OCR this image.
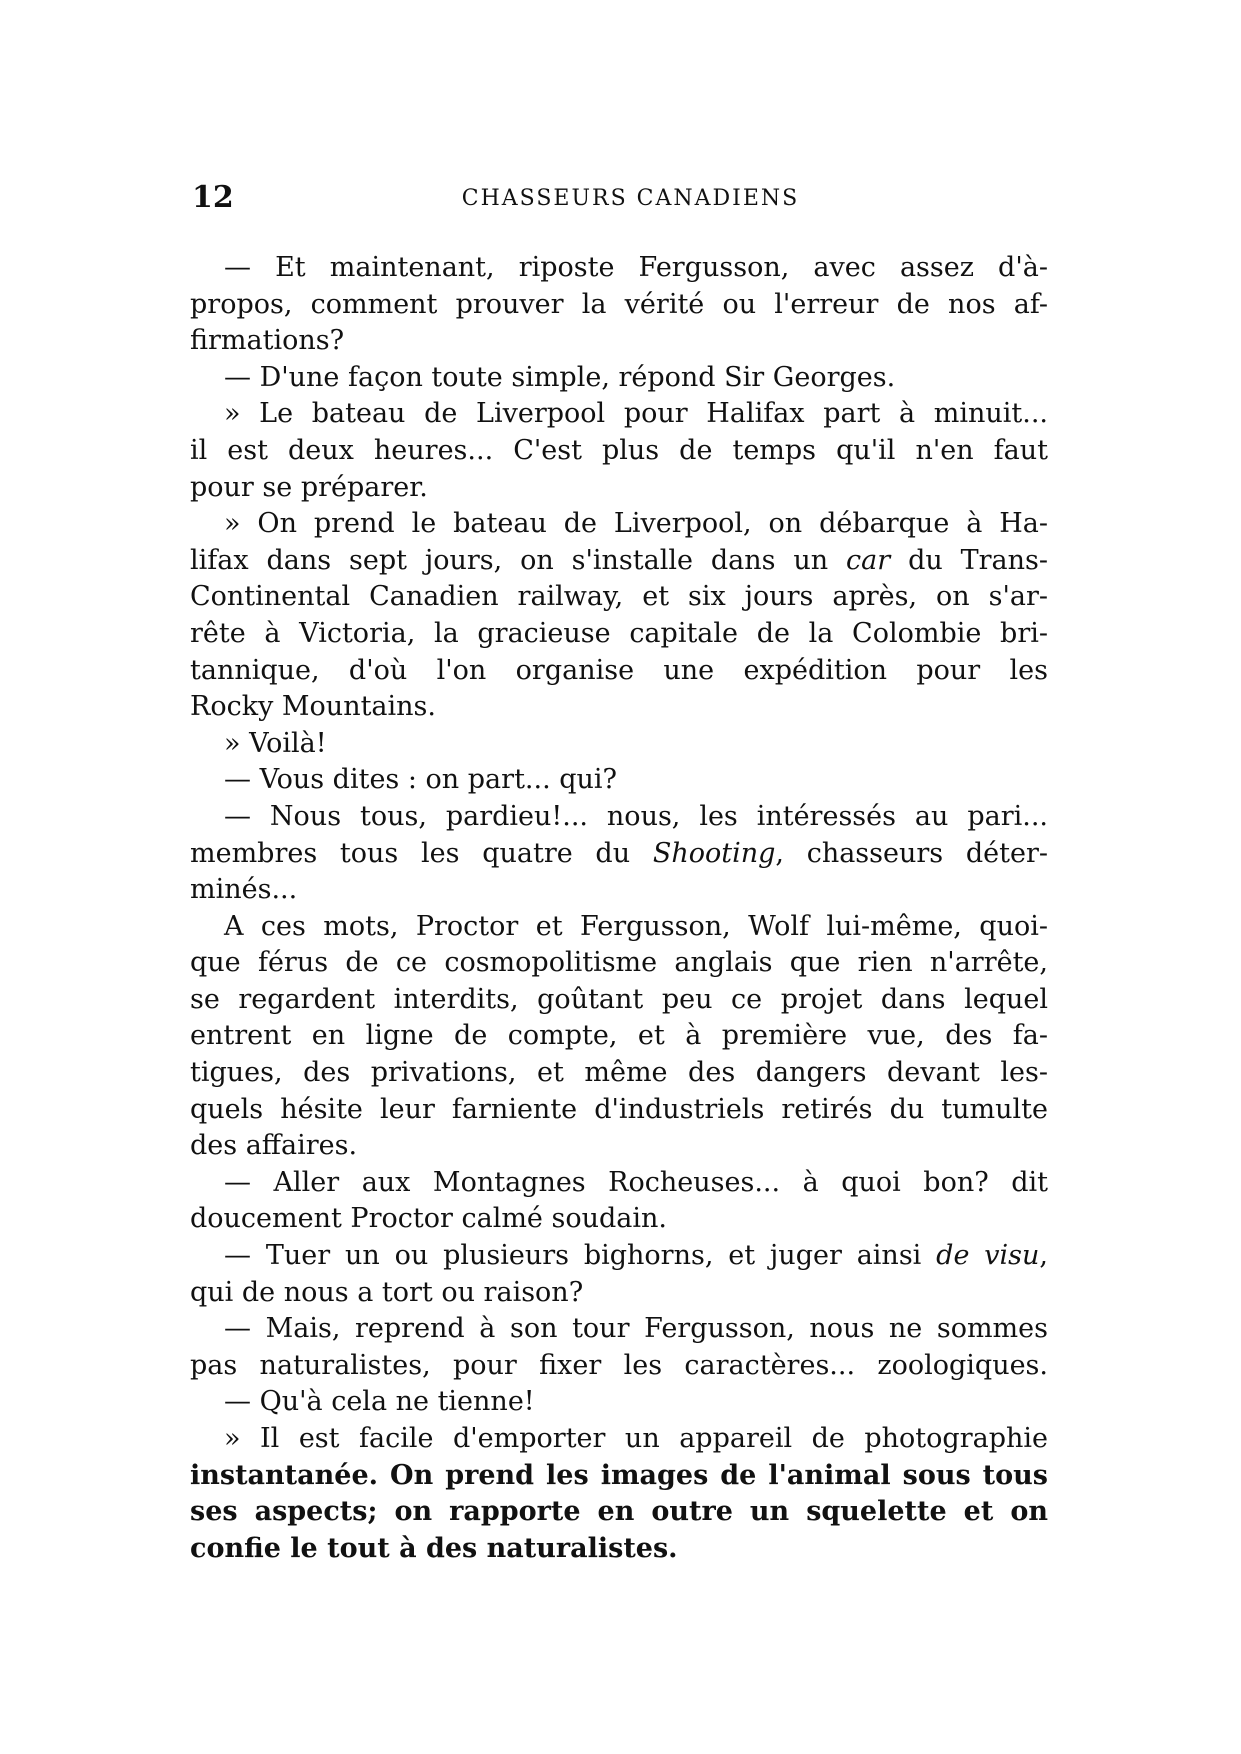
12	CHASSEURS CANADIENS
— Et maintenant, riposte Fergusson, avec assez d'à-
propos, comment prouver la vérité ou l'erreur de nos af-
firmations?
— D'une façon toute simple, répond Sir Georges.
» Le bateau de Liverpool pour Halifax part à minuit...
il est deux heures... C'est plus de temps qu'il n'en faut
pour se préparer.
» On prend le bateau de Liverpool, on débarque à Ha-
lifax dans sept jours, on s'installe dans un car du Trans-
Continental Canadien railway, et six jours après, on s'ar-
rête à Victoria, la gracieuse capitale de la Colombie bri-
tannique, d'où l'on organise une expédition pour les
Rocky Mountains.
» Voilà!
— Vous dites : on part... qui?
— Nous tous, pardieu!... nous, les intéressés au pari...
membres tous les quatre du Shooting, chasseurs déter-
minés...
A ces mots, Proctor et Fergusson, Wolf lui-même, quoi-
que férus de ce cosmopolitisme anglais que rien n'arrête,
se regardent interdits, goûtant peu ce projet dans lequel
entrent en ligne de compte, et à première vue, des fa-
tigues, des privations, et même des dangers devant les-
quels hésite leur farniente d'industriels retirés du tumulte
des affaires.
— Aller aux Montagnes Rocheuses... à quoi bon? dit
doucement Proctor calmé soudain.
— Tuer un ou plusieurs bighorns, et juger ainsi de visu,
qui de nous a tort ou raison?
— Mais, reprend à son tour Fergusson, nous ne sommes
pas naturalistes, pour fixer les caractères... zoologiques.
— Qu'à cela ne tienne!
» Il est facile d'emporter un appareil de photographie
instantanée. On prend les images de l'animal sous tous
ses aspects; on rapporte en outre un squelette et on
confie le tout à des naturalistes.
